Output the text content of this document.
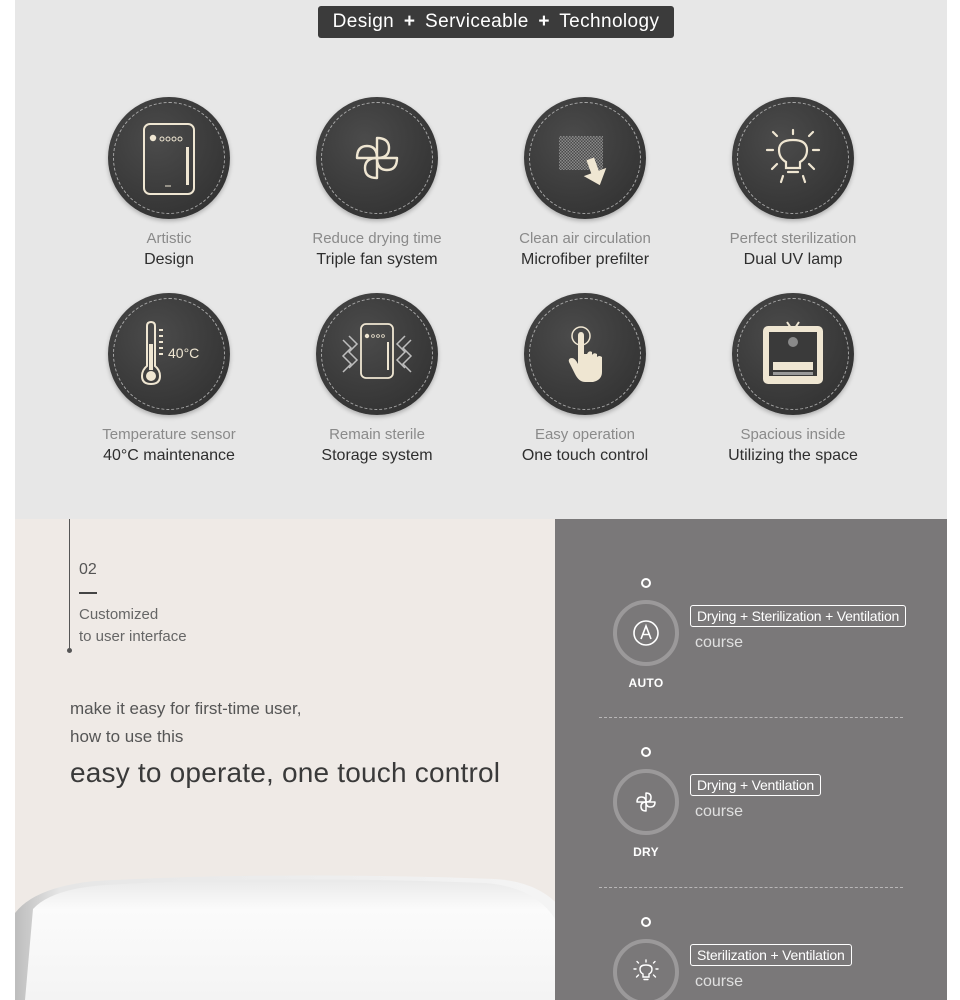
Design + Serviceable + Technology
Artistic
Design
Reduce drying time
Triple fan system
Clean air circulation
Microfiber prefilter
Perfect sterilization
Dual UV lamp
40°C
Temperature sensor
40°C maintenance
Remain sterile
Storage system
Easy operation
One touch control
Spacious inside
Utilizing the space
02
Customized
to user interface
make it easy for first-time user,
how to use this
easy to operate, one touch control
AUTO
Drying + Sterilization + Ventilation
course
DRY
Drying + Ventilation
course
Sterilization + Ventilation
course
